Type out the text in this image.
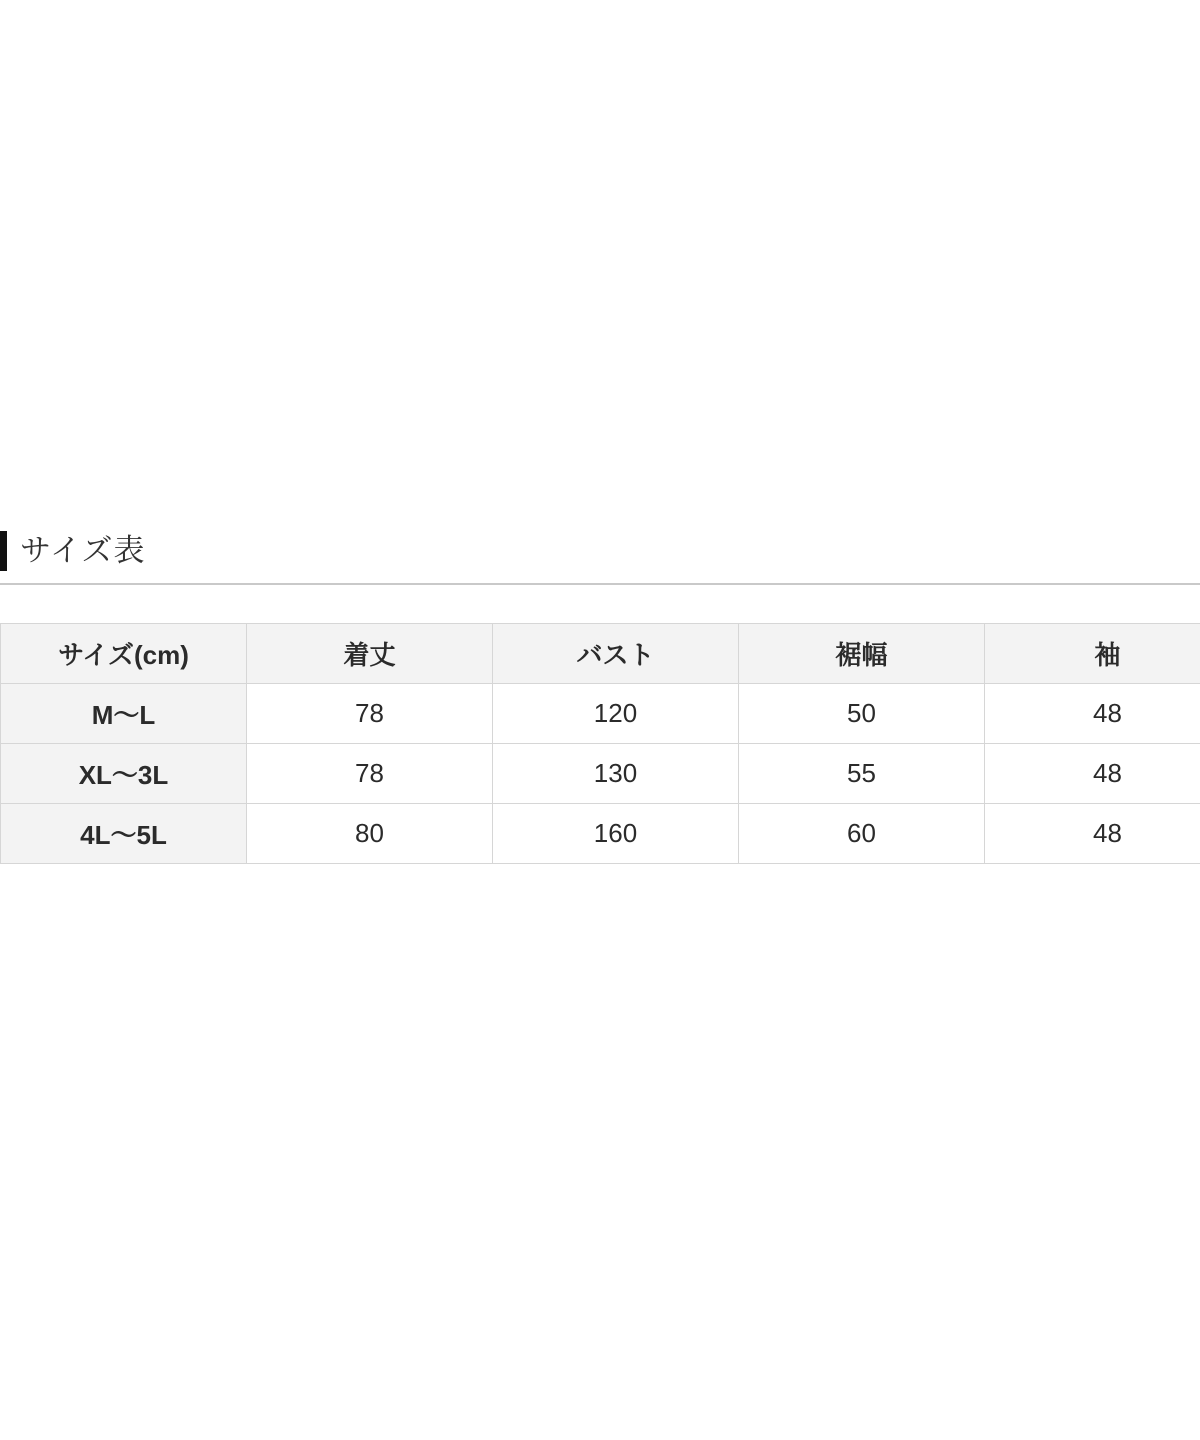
サイズ表
サイズ(cm)	着丈	バスト	裾幅	袖
M〜L	78	120	50	48
XL〜3L	78	130	55	48
4L〜5L	80	160	60	48
